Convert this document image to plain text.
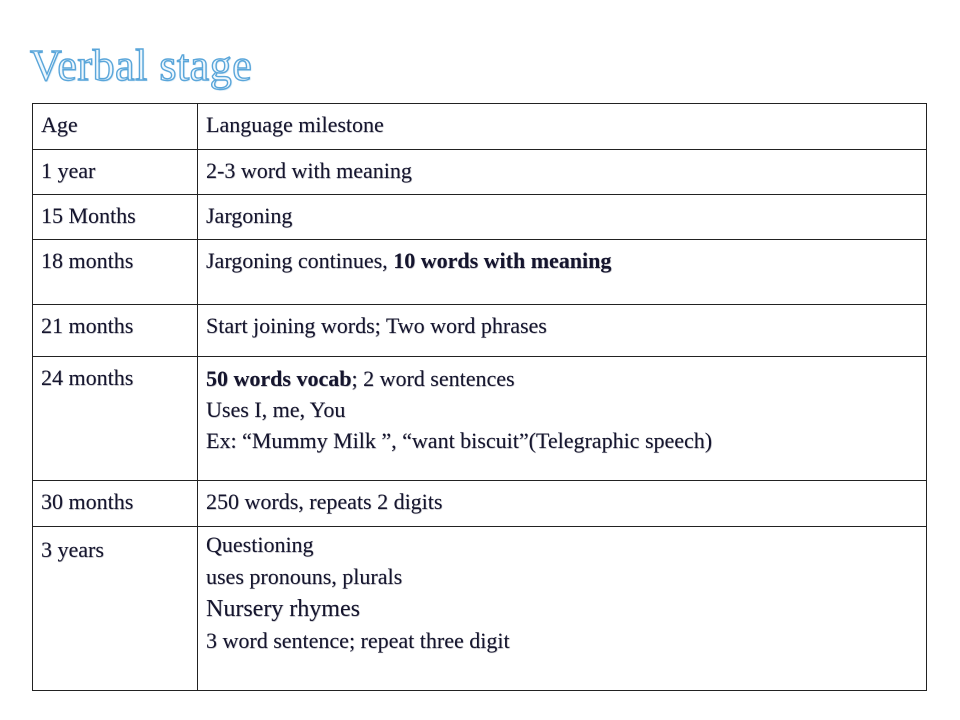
Verbal stage
Age	Language milestone
1 year	2-3 word with meaning
15 Months	Jargoning
18 months	Jargoning continues, 10 words with meaning
21 months	Start joining words; Two word phrases
24 months	50 words vocab; 2 word sentences
Uses I, me, You
Ex: “Mummy Milk ”, “want biscuit”(Telegraphic speech)

30 months	250 words, repeats 2 digits
3 years	Questioning
uses pronouns, plurals
Nursery rhymes
3 word sentence; repeat three digit
